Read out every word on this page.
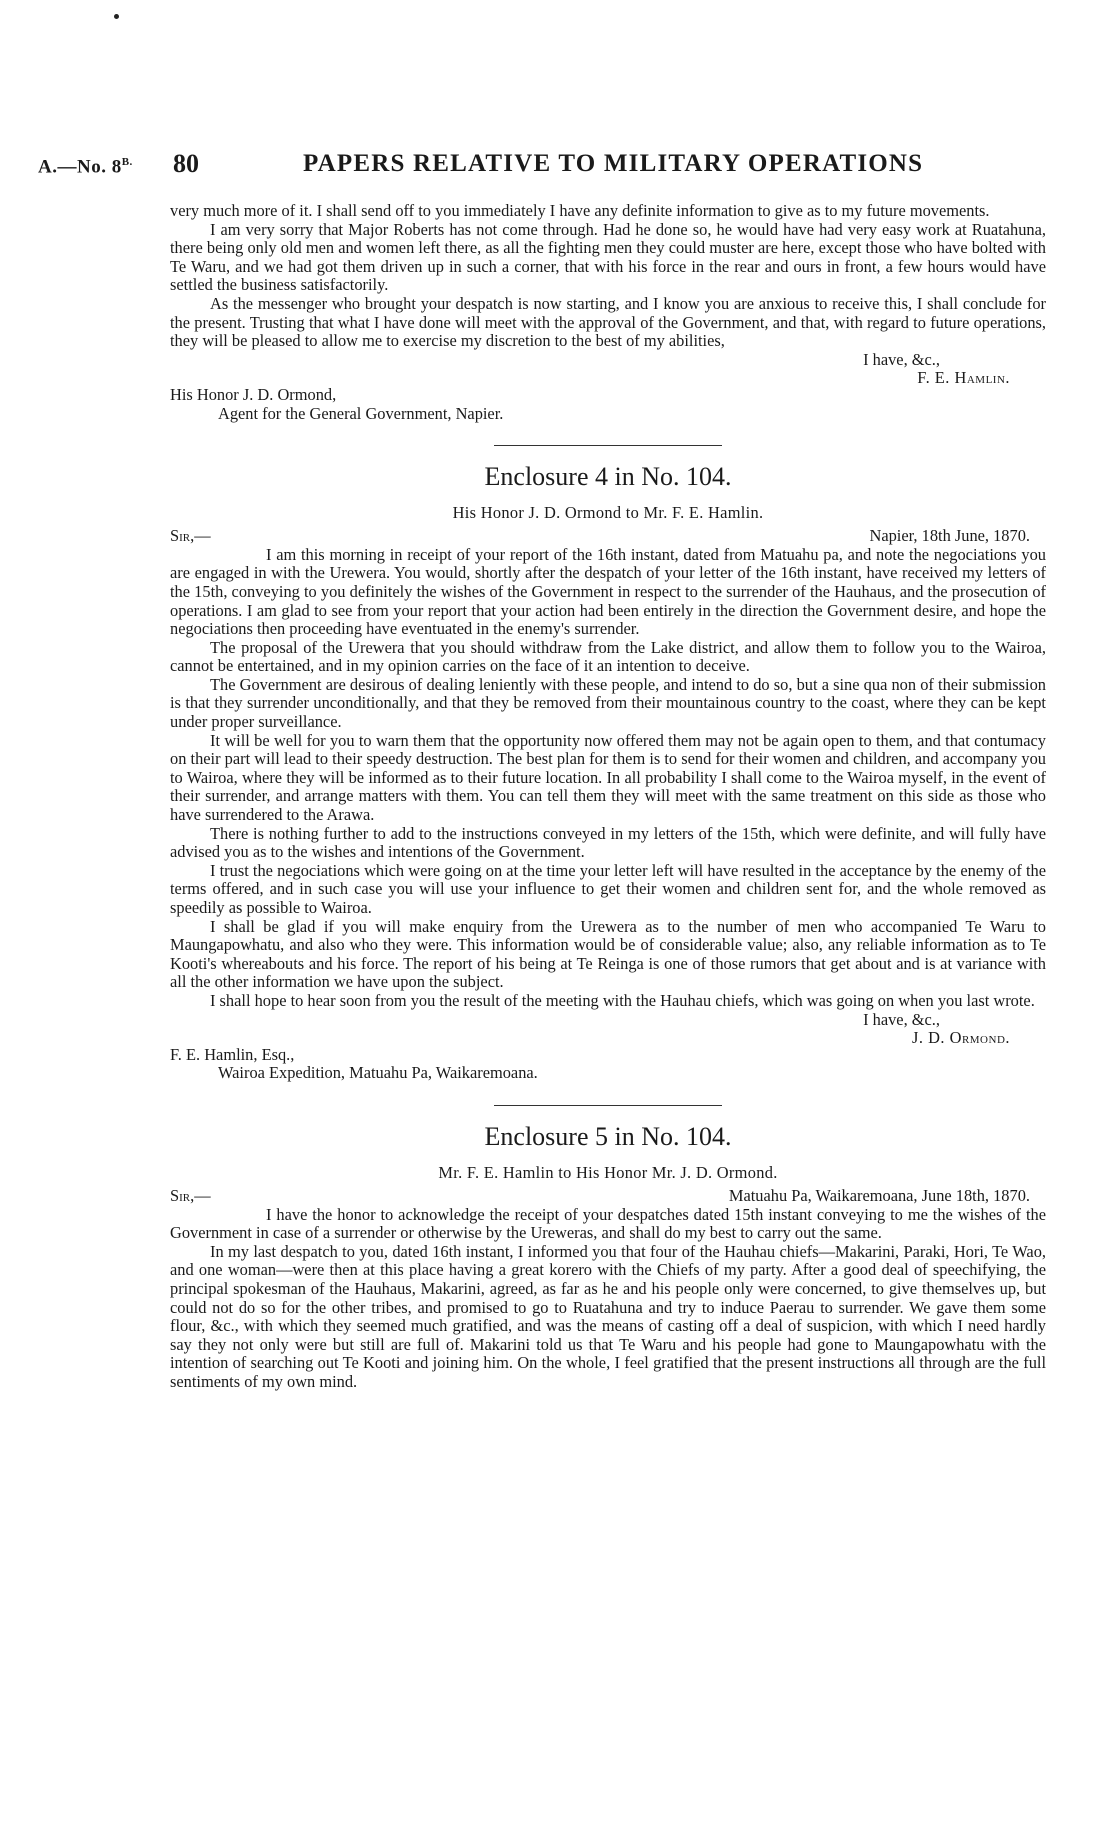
A.—No. $8^{B.}$ 80	PAPERS RELATIVE TO MILITARY OPERATIONS

very much more of it. I shall send off to you immediately I have any definite information to give as to my future movements.

I am very sorry that Major Roberts has not come through. Had he done so, he would have had very easy work at Ruatahuna, there being only old men and women left there, as all the fighting men they could muster are here, except those who have bolted with Te Waru, and we had got them driven up in such a corner, that with his force in the rear and ours in front, a few hours would have settled the business satisfactorily.

As the messenger who brought your despatch is now starting, and I know you are anxious to receive this, I shall conclude for the present. Trusting that what I have done will meet with the approval of the Government, and that, with regard to future operations, they will be pleased to allow me to exercise my discretion to the best of my abilities,

I have, &c.,
F. E. Hamlin.
His Honor J. D. Ormond,
Agent for the General Government, Napier.
Enclosure 4 in No. 104.
His Honor J. D. Ormond to Mr. F. E. Hamlin.
Sir,—	Napier, 18th June, 1870.

I am this morning in receipt of your report of the 16th instant, dated from Matuahu pa, and note the negociations you are engaged in with the Urewera. You would, shortly after the despatch of your letter of the 16th instant, have received my letters of the 15th, conveying to you definitely the wishes of the Government in respect to the surrender of the Hauhaus, and the prosecution of operations. I am glad to see from your report that your action had been entirely in the direction the Government desire, and hope the negociations then proceeding have eventuated in the enemy's surrender.

The proposal of the Urewera that you should withdraw from the Lake district, and allow them to follow you to the Wairoa, cannot be entertained, and in my opinion carries on the face of it an intention to deceive.

The Government are desirous of dealing leniently with these people, and intend to do so, but a sine qua non of their submission is that they surrender unconditionally, and that they be removed from their mountainous country to the coast, where they can be kept under proper surveillance.

It will be well for you to warn them that the opportunity now offered them may not be again open to them, and that contumacy on their part will lead to their speedy destruction. The best plan for them is to send for their women and children, and accompany you to Wairoa, where they will be informed as to their future location. In all probability I shall come to the Wairoa myself, in the event of their surrender, and arrange matters with them. You can tell them they will meet with the same treatment on this side as those who have surrendered to the Arawa.

There is nothing further to add to the instructions conveyed in my letters of the 15th, which were definite, and will fully have advised you as to the wishes and intentions of the Government.

I trust the negociations which were going on at the time your letter left will have resulted in the acceptance by the enemy of the terms offered, and in such case you will use your influence to get their women and children sent for, and the whole removed as speedily as possible to Wairoa.

I shall be glad if you will make enquiry from the Urewera as to the number of men who accompanied Te Waru to Maungapowhatu, and also who they were. This information would be of considerable value; also, any reliable information as to Te Kooti's whereabouts and his force. The report of his being at Te Reinga is one of those rumors that get about and is at variance with all the other information we have upon the subject.

I shall hope to hear soon from you the result of the meeting with the Hauhau chiefs, which was going on when you last wrote.

I have, &c.,
J. D. Ormond.
F. E. Hamlin, Esq.,
Wairoa Expedition, Matuahu Pa, Waikaremoana.
Enclosure 5 in No. 104.
Mr. F. E. Hamlin to His Honor Mr. J. D. Ormond.
Sir,—	Matuahu Pa, Waikaremoana, June 18th, 1870.

I have the honor to acknowledge the receipt of your despatches dated 15th instant conveying to me the wishes of the Government in case of a surrender or otherwise by the Ureweras, and shall do my best to carry out the same.

In my last despatch to you, dated 16th instant, I informed you that four of the Hauhau chiefs—Makarini, Paraki, Hori, Te Wao, and one woman—were then at this place having a great korero with the Chiefs of my party. After a good deal of speechifying, the principal spokesman of the Hauhaus, Makarini, agreed, as far as he and his people only were concerned, to give themselves up, but could not do so for the other tribes, and promised to go to Ruatahuna and try to induce Paerau to surrender. We gave them some flour, &c., with which they seemed much gratified, and was the means of casting off a deal of suspicion, with which I need hardly say they not only were but still are full of. Makarini told us that Te Waru and his people had gone to Maungapowhatu with the intention of searching out Te Kooti and joining him. On the whole, I feel gratified that the present instructions all through are the full sentiments of my own mind.
